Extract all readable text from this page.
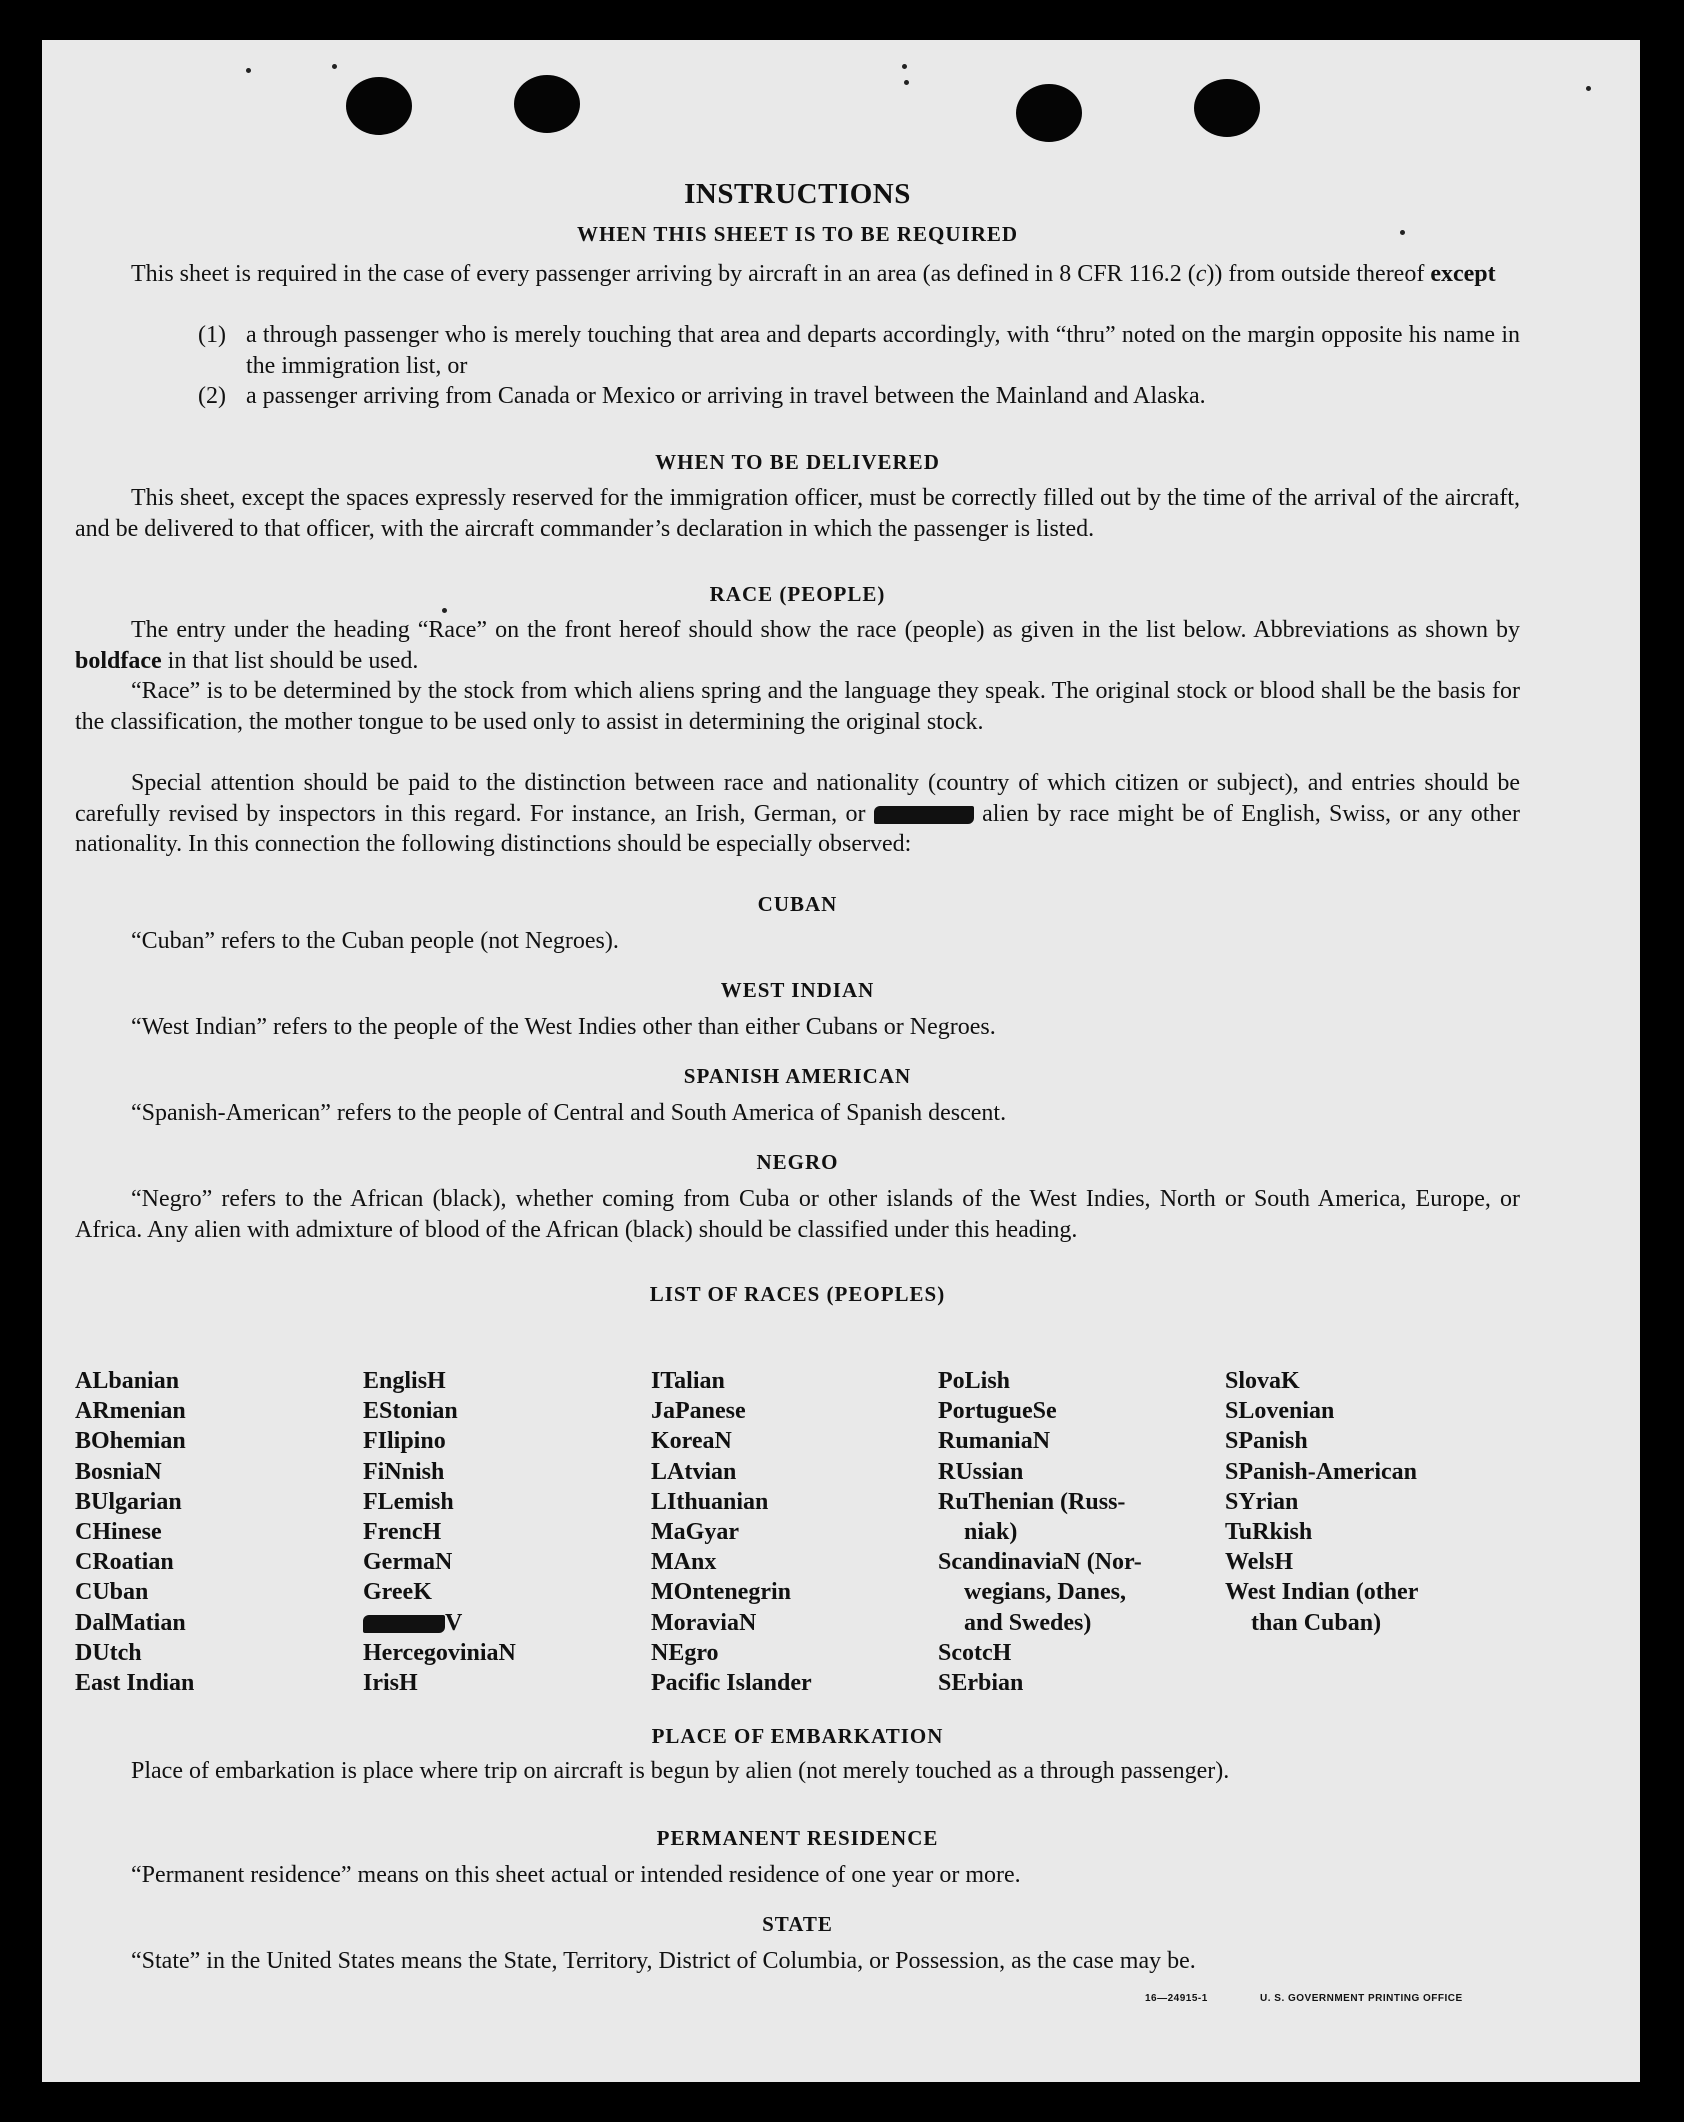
INSTRUCTIONS
WHEN THIS SHEET IS TO BE REQUIRED
This sheet is required in the case of every passenger arriving by aircraft in an area (as defined in 8 CFR 116.2 (c)) from outside thereof except
(1) a through passenger who is merely touching that area and departs accordingly, with “thru” noted on the margin opposite his name in the immigration list, or
(2) a passenger arriving from Canada or Mexico or arriving in travel between the Mainland and Alaska.
WHEN TO BE DELIVERED
This sheet, except the spaces expressly reserved for the immigration officer, must be correctly filled out by the time of the arrival of the aircraft, and be delivered to that officer, with the aircraft commander’s declaration in which the passenger is listed.
RACE (PEOPLE)
The entry under the heading “Race” on the front hereof should show the race (people) as given in the list below. Abbreviations as shown by boldface in that list should be used.
“Race” is to be determined by the stock from which aliens spring and the language they speak. The original stock or blood shall be the basis for the classification, the mother tongue to be used only to assist in determining the original stock.
Special attention should be paid to the distinction between race and nationality (country of which citizen or subject), and entries should be carefully revised by inspectors in this regard. For instance, an Irish, German, or	alien by race might be of English, Swiss, or any other nationality. In this connection the following distinctions should be especially observed:
CUBAN
“Cuban” refers to the Cuban people (not Negroes).
WEST INDIAN
“West Indian” refers to the people of the West Indies other than either Cubans or Negroes.
SPANISH AMERICAN
“Spanish-American” refers to the people of Central and South America of Spanish descent.
NEGRO
“Negro” refers to the African (black), whether coming from Cuba or other islands of the West Indies, North or South America, Europe, or Africa. Any alien with admixture of blood of the African (black) should be classified under this heading.
LIST OF RACES (PEOPLES)
ALbanian
ARmenian
BOhemian
BosniaN
BUlgarian
CHinese
CRoatian
CUban
DalMatian
DUtch
East Indian
EnglisH
EStonian
FIlipino
FiNnish
FLemish
FrencH
GermaN
GreeK
V
HercegoviniaN
IrisH
ITalian
JaPanese
KoreaN
LAtvian
LIthuanian
MaGyar
MAnx
MOntenegrin
MoraviaN
NEgro
Pacific Islander
PoLish
PortugueSe
RumaniaN
RUssian
RuThenian (Russ-
niak)
ScandinaviaN (Nor-
wegians, Danes,
and Swedes)
ScotcH
SErbian
SlovaK
SLovenian
SPanish
SPanish-American
SYrian
TuRkish
WelsH
West Indian (other
than Cuban)
PLACE OF EMBARKATION
Place of embarkation is place where trip on aircraft is begun by alien (not merely touched as a through passenger).
PERMANENT RESIDENCE
“Permanent residence” means on this sheet actual or intended residence of one year or more.
STATE
“State” in the United States means the State, Territory, District of Columbia, or Possession, as the case may be.
16—24915-1	U. S. GOVERNMENT PRINTING OFFICE
